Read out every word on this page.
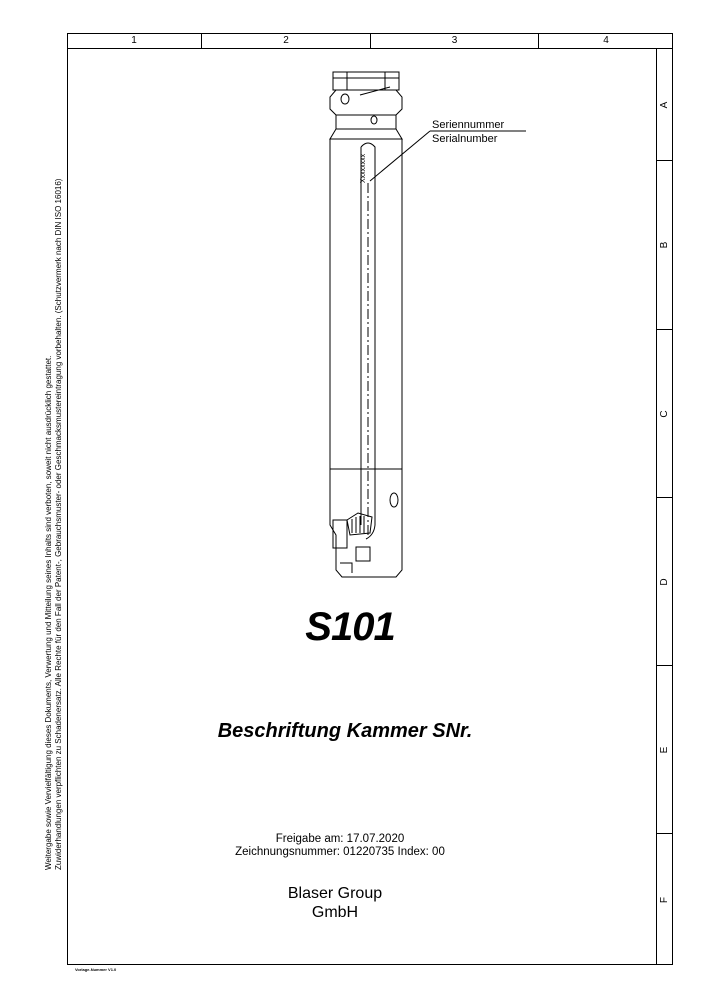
1	2	3	4
A
B
C
D
E
F
Weitergabe sowie Vervielfältigung dieses Dokuments, Verwertung und Mitteilung seines Inhalts sind verboten, soweit nicht ausdrücklich gestattet. Zuwiderhandlungen verpflichten zu Schadenersatz. Alle Rechte für den Fall der Patent-, Gebrauchsmuster- oder Geschmacksmustereintragung vorbehalten. (Schutzvermerk nach DIN ISO 16016)
Seriennummer
Serialnumber
Xxxxxxxx
S101
Beschriftung Kammer SNr.
Freigabe am: 17.07.2020
Zeichnungsnummer: 01220735 Index: 00
Blaser Group
GmbH
Vorlage-Nummer V1.0
